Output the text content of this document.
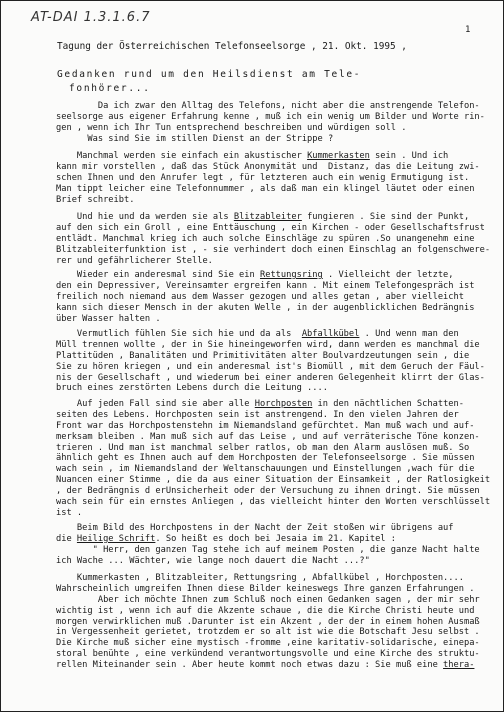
AT-DAI 1.3.1.6.7
1
Tagung der Österreichischen Telefonseelsorge , 21. Okt. 1995 ,
Gedanken rund um den Heilsdienst am Tele-
fonhörer...
Da ich zwar den Alltag des Telefons, nicht aber die anstrengende Telefon-
seelsorge aus eigener Erfahrung kenne , muß ich ein wenig um Bilder und Worte rin-
gen , wenn ich Ihr Tun entsprechend beschreiben und würdigen soll .
Was sind Sie im stillen Dienst an der Strippe ?
Manchmal werden sie einfach ein akustischer Kummerkasten sein . Und ich
kann mir vorstellen , daß das Stück Anonymität und  Distanz, das die Leitung zwi-
schen Ihnen und den Anrufer legt , für letzteren auch ein wenig Ermutigung ist.
Man tippt leicher eine Telefonnummer , als daß man ein klingel läutet oder einen
Brief schreibt.
Und hie und da werden sie als Blitzableiter fungieren . Sie sind der Punkt,
auf den sich ein Groll , eine Enttäuschung , ein Kirchen - oder Gesellschaftsfrust
entlädt. Manchmal krieg ich auch solche Einschläge zu spüren .So unangenehm eine
Blitzableiterfunktion ist , - sie verhindert doch einen Einschlag an folgenschwere-
rer und gefährlicherer Stelle.
Wieder ein anderesmal sind Sie ein Rettungsring . Vielleicht der letzte,
den ein Depressiver, Vereinsamter ergreifen kann . Mit einem Telefongespräch ist
freilich noch niemand aus dem Wasser gezogen und alles getan , aber vielleicht
kann sich dieser Mensch in der akuten Welle , in der augenblicklichen Bedrängnis
über Wasser halten .
Vermutlich fühlen Sie sich hie und da als  Abfallkübel . Und wenn man den
Müll trennen wollte , der in Sie hineingeworfen wird, dann werden es manchmal die
Plattitüden , Banalitäten und Primitivitäten alter Boulvardzeutungen sein , die
Sie zu hören kriegen , und ein anderesmal ist's Biomüll , mit dem Geruch der Fäul-
nis der Gesellschaft , und wiederum bei einer anderen Gelegenheit klirrt der Glas-
bruch eines zerstörten Lebens durch die Leitung ....
Auf jeden Fall sind sie aber alle Horchposten in den nächtlichen Schatten-
seiten des Lebens. Horchposten sein ist anstrengend. In den vielen Jahren der
Front war das Horchpostenstehn im Niemandsland gefürchtet. Man muß wach und auf-
merksam bleiben . Man muß sich auf das Leise , und auf verräterische Töne konzen-
trieren . Und man ist manchmal selber ratlos, ob man den Alarm auslösen muß. So
ähnlich geht es Ihnen auch auf dem Horchposten der Telefonseelsorge . Sie müssen
wach sein , im Niemandsland der Weltanschauungen und Einstellungen ,wach für die
Nuancen einer Stimme , die da aus einer Situation der Einsamkeit , der Ratlosigkeit
, der Bedrängnis d erUnsicherheit oder der Versuchung zu ihnen dringt. Sie müssen
wach sein für ein ernstes Anliegen , das vielleicht hinter den Worten verschlüsselt
ist .
Beim Bild des Horchpostens in der Nacht der Zeit stoßen wir übrigens auf
die Heilige Schrift. So heißt es doch bei Jesaia im 21. Kapitel :
" Herr, den ganzen Tag stehe ich auf meinem Posten , die ganze Nacht halte
ich Wache ... Wächter, wie lange noch dauert die Nacht ...?"
Kummerkasten , Blitzableiter, Rettungsring , Abfallkübel , Horchposten....
Wahrscheinlich umgreifen Ihnen diese Bilder keineswegs Ihre ganzen Erfahrungen .
Aber ich möchte Ihnen zum Schluß noch einen Gedanken sagen , der mir sehr
wichtig ist , wenn ich auf die Akzente schaue , die die Kirche Christi heute und
morgen verwirklichen muß .Darunter ist ein Akzent , der der in einem hohen Ausmaß
in Vergessenheit gerietet, trotzdem er so alt ist wie die Botschaft Jesu selbst .
Die Kirche muß sicher eine mystisch -fromme ,eine karitativ-solidarische, einepa-
storal benühte , eine verkündend verantwortungsvolle und eine Kirche des struktu-
rellen Miteinander sein . Aber heute kommt noch etwas dazu : Sie muß eine thera-
